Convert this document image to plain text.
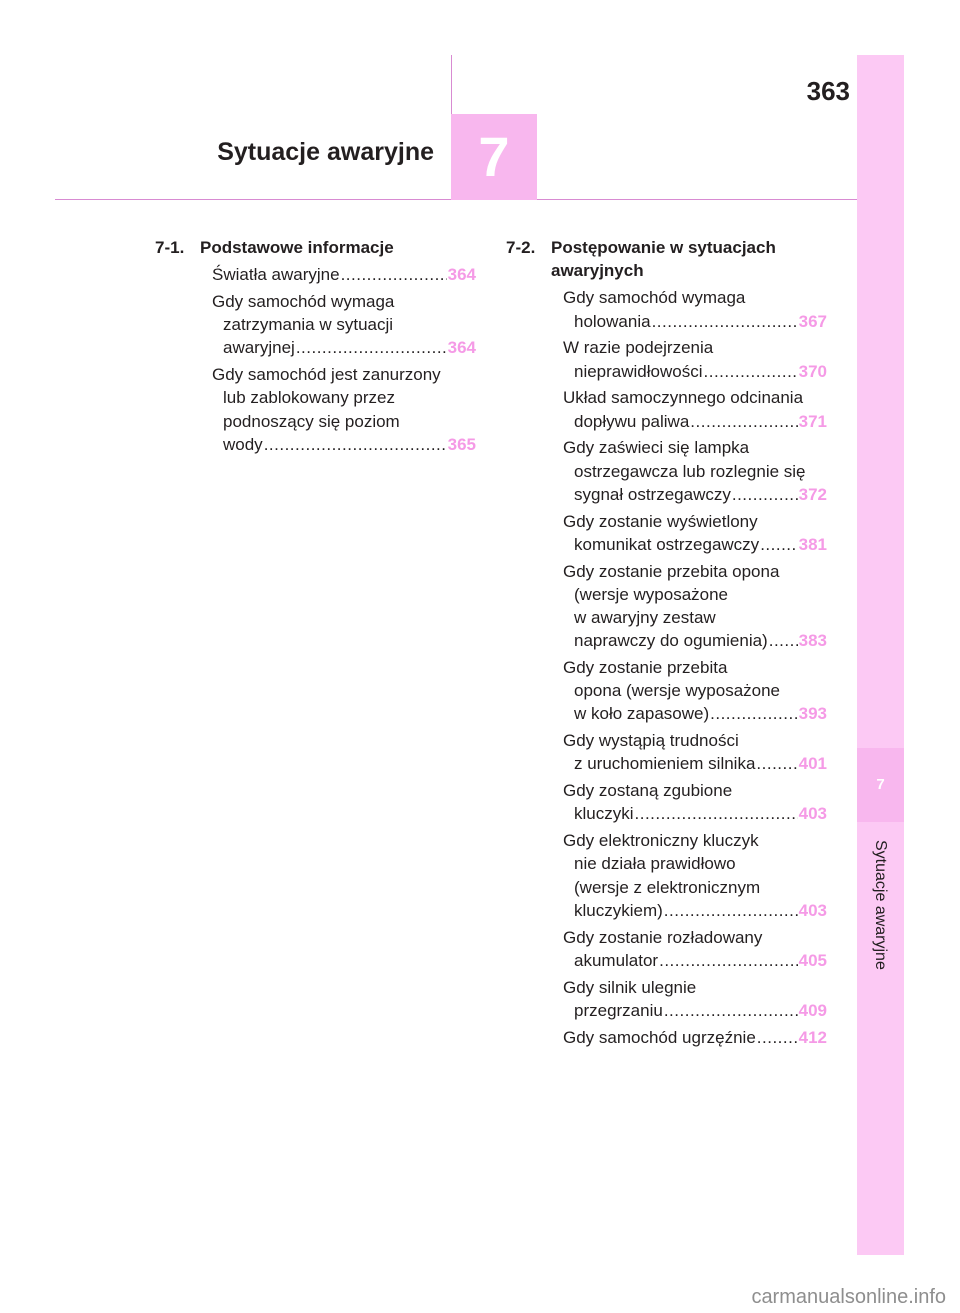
7
363
Sytuacje awaryjne
7
Sytuacje awaryjne
7-1. Podstawowe informacje
Światła awaryjne .....	364
Gdy samochód wymaga
zatrzymania w sytuacji
awaryjnej .....	364
Gdy samochód jest zanurzony
lub zablokowany przez
podnoszący się poziom
wody .....	365
7-2. Postępowanie w sytuacjach awaryjnych
Gdy samochód wymaga
holowania .....	367
W razie podejrzenia
nieprawidłowości .....	370
Układ samoczynnego odcinania
dopływu paliwa .....	371
Gdy zaświeci się lampka
ostrzegawcza lub rozlegnie się
sygnał ostrzegawczy .....	372
Gdy zostanie wyświetlony
komunikat ostrzegawczy ..... 381
Gdy zostanie przebita opona
(wersje wyposażone
w awaryjny zestaw
naprawczy do ogumienia) ..... 383
Gdy zostanie przebita
opona (wersje wyposażone
w koło zapasowe) .....	393
Gdy wystąpią trudności
z uruchomieniem silnika .....	401
Gdy zostaną zgubione
kluczyki .....	403
Gdy elektroniczny kluczyk
nie działa prawidłowo
(wersje z elektronicznym
kluczykiem) .....	403
Gdy zostanie rozładowany
akumulator .....	405
Gdy silnik ulegnie
przegrzaniu .....	409
Gdy samochód ugrzęźnie .....	412
carmanualsonline.info
